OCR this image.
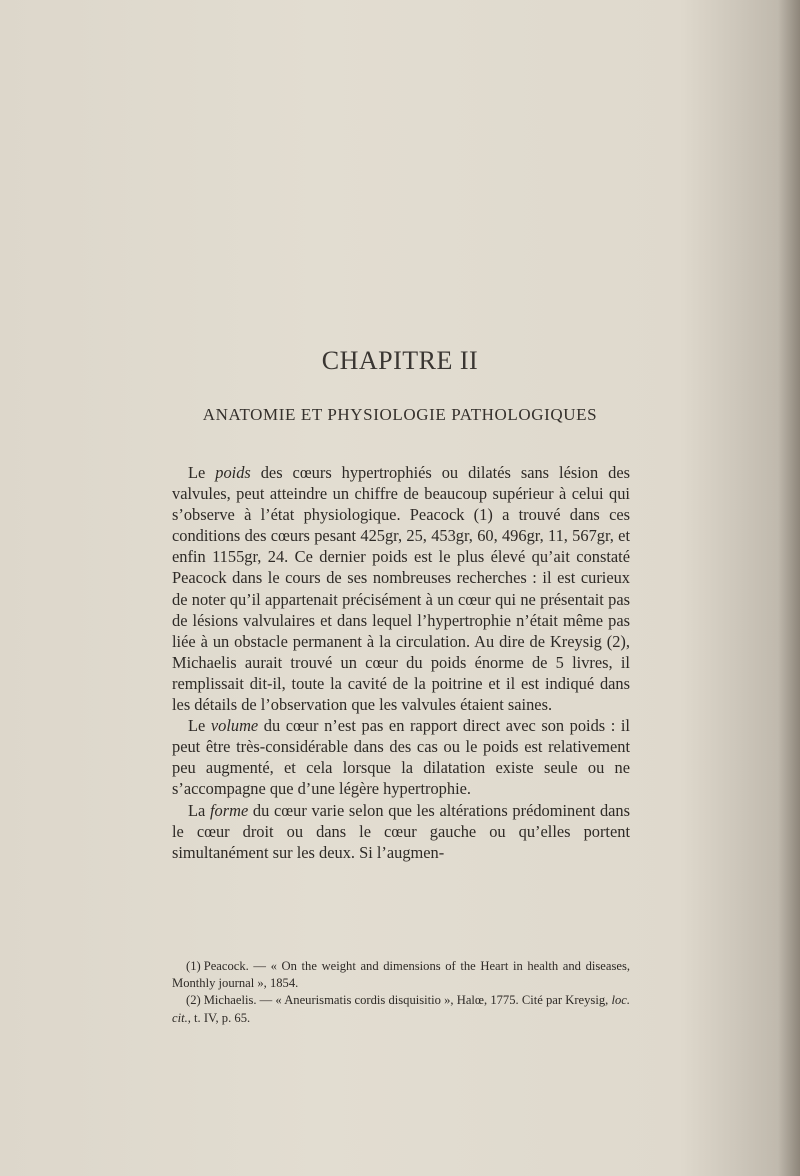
CHAPITRE II
ANATOMIE ET PHYSIOLOGIE PATHOLOGIQUES

Le poids des cœurs hypertrophiés ou dilatés sans lésion des valvules, peut atteindre un chiffre de beaucoup supérieur à celui qui s’observe à l’état physiologique. Peacock (1) a trouvé dans ces conditions des cœurs pesant 425gr, 25, 453gr, 60, 496gr, 11, 567gr, et enfin 1155gr, 24. Ce dernier poids est le plus élevé qu’ait constaté Peacock dans le cours de ses nombreuses recherches : il est curieux de noter qu’il appartenait précisément à un cœur qui ne présentait pas de lésions valvulaires et dans lequel l’hypertrophie n’était même pas liée à un obstacle permanent à la circulation. Au dire de Kreysig (2), Michaelis aurait trouvé un cœur du poids énorme de 5 livres, il remplissait dit-il, toute la cavité de la poitrine et il est indiqué dans les détails de l’observation que les valvules étaient saines.

Le volume du cœur n’est pas en rapport direct avec son poids : il peut être très-considérable dans des cas ou le poids est relativement peu augmenté, et cela lorsque la dilatation existe seule ou ne s’accompagne que d’une légère hypertrophie.

La forme du cœur varie selon que les altérations prédominent dans le cœur droit ou dans le cœur gauche ou qu’elles portent simultanément sur les deux. Si l’augmen-

(1) Peacock. — « On the weight and dimensions of the Heart in health and diseases, Monthly journal », 1854.

(2) Michaelis. — « Aneurismatis cordis disquisitio », Halœ, 1775. Cité par Kreysig, loc. cit., t. IV, p. 65.
